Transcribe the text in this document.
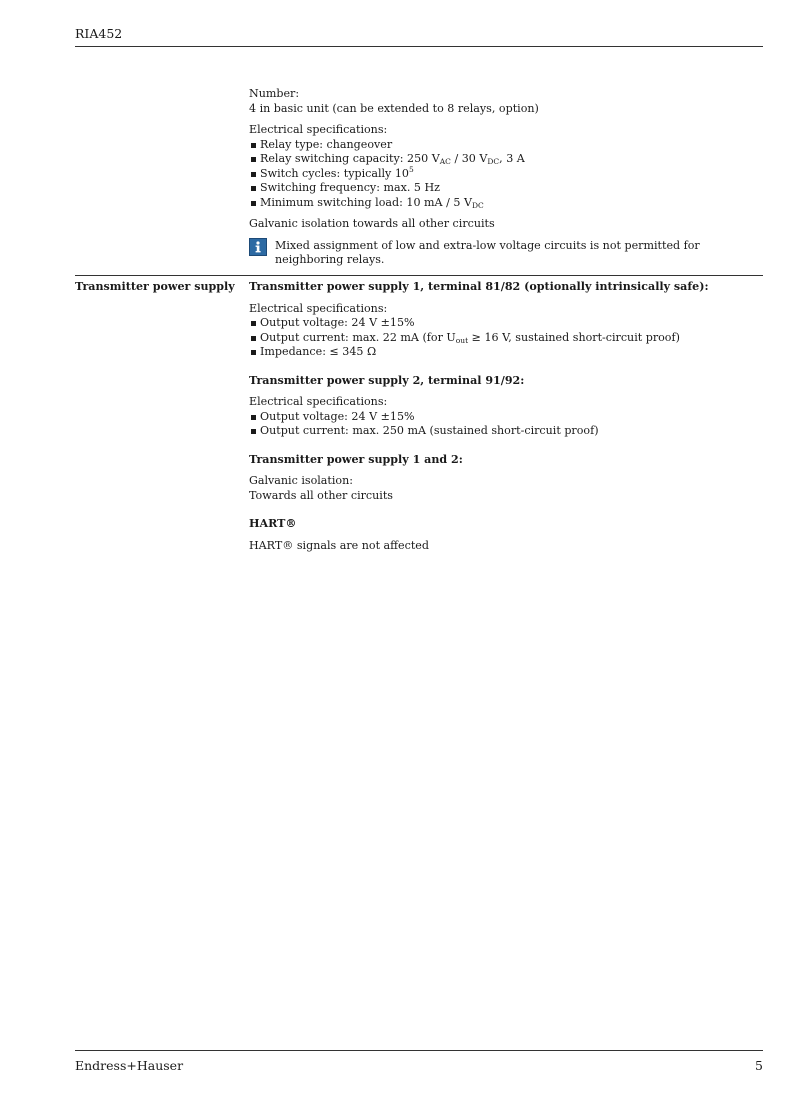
RIA452

Number:

4 in basic unit (can be extended to 8 relays, option)

Electrical specifications:

Relay type: changeover
Relay switching capacity: 250 $V_{AC} / 30$ $V_{DC}$, 3 A
Switch cycles: typically $10^5$
Switching frequency: max. 5 Hz
Minimum switching load: 10 mA / 5 $V_{DC}$

Galvanic isolation towards all other circuits

Mixed assignment of low and extra-low voltage circuits is not permitted for neighboring relays.
Transmitter power supply Transmitter power supply 1, terminal 81/82 (optionally intrinsically safe):

Electrical specifications:

Output voltage: 24 V ±15%
Output current: max. 22 mA (for $U_{out} \ge 16$ V, sustained short-circuit proof)
Impedance: ≤ 345 Ω
Transmitter power supply 2, terminal 91/92:

Electrical specifications:

Output voltage: 24 V ±15%
Output current: max. 250 mA (sustained short-circuit proof)
Transmitter power supply 1 and 2:

Galvanic isolation:

Towards all other circuits

HART®

HART® signals are not affected

Endress+Hauser	5
